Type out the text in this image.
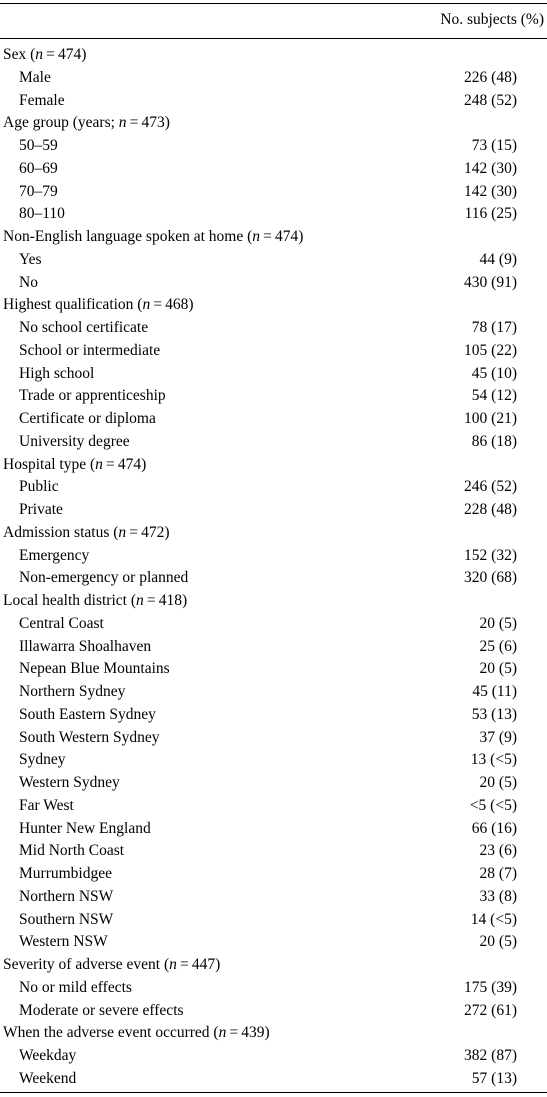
No. subjects (%)
Sex (n = 474)
Male	226 (48)
Female	248 (52)
Age group (years; n = 473)
50–59	73 (15)
60–69	142 (30)
70–79	142 (30)
80–110	116 (25)
Non-English language spoken at home (n = 474)
Yes	44 (9)
No	430 (91)
Highest qualification (n = 468)
No school certificate	78 (17)
School or intermediate	105 (22)
High school	45 (10)
Trade or apprenticeship	54 (12)
Certificate or diploma	100 (21)
University degree	86 (18)
Hospital type (n = 474)
Public	246 (52)
Private	228 (48)
Admission status (n = 472)
Emergency	152 (32)
Non-emergency or planned	320 (68)
Local health district (n = 418)
Central Coast	20 (5)
Illawarra Shoalhaven	25 (6)
Nepean Blue Mountains	20 (5)
Northern Sydney	45 (11)
South Eastern Sydney	53 (13)
South Western Sydney	37 (9)
Sydney	13 (<5)
Western Sydney	20 (5)
Far West	<5 (<5)
Hunter New England	66 (16)
Mid North Coast	23 (6)
Murrumbidgee	28 (7)
Northern NSW	33 (8)
Southern NSW	14 (<5)
Western NSW	20 (5)
Severity of adverse event (n = 447)
No or mild effects	175 (39)
Moderate or severe effects	272 (61)
When the adverse event occurred (n = 439)
Weekday	382 (87)
Weekend	57 (13)
